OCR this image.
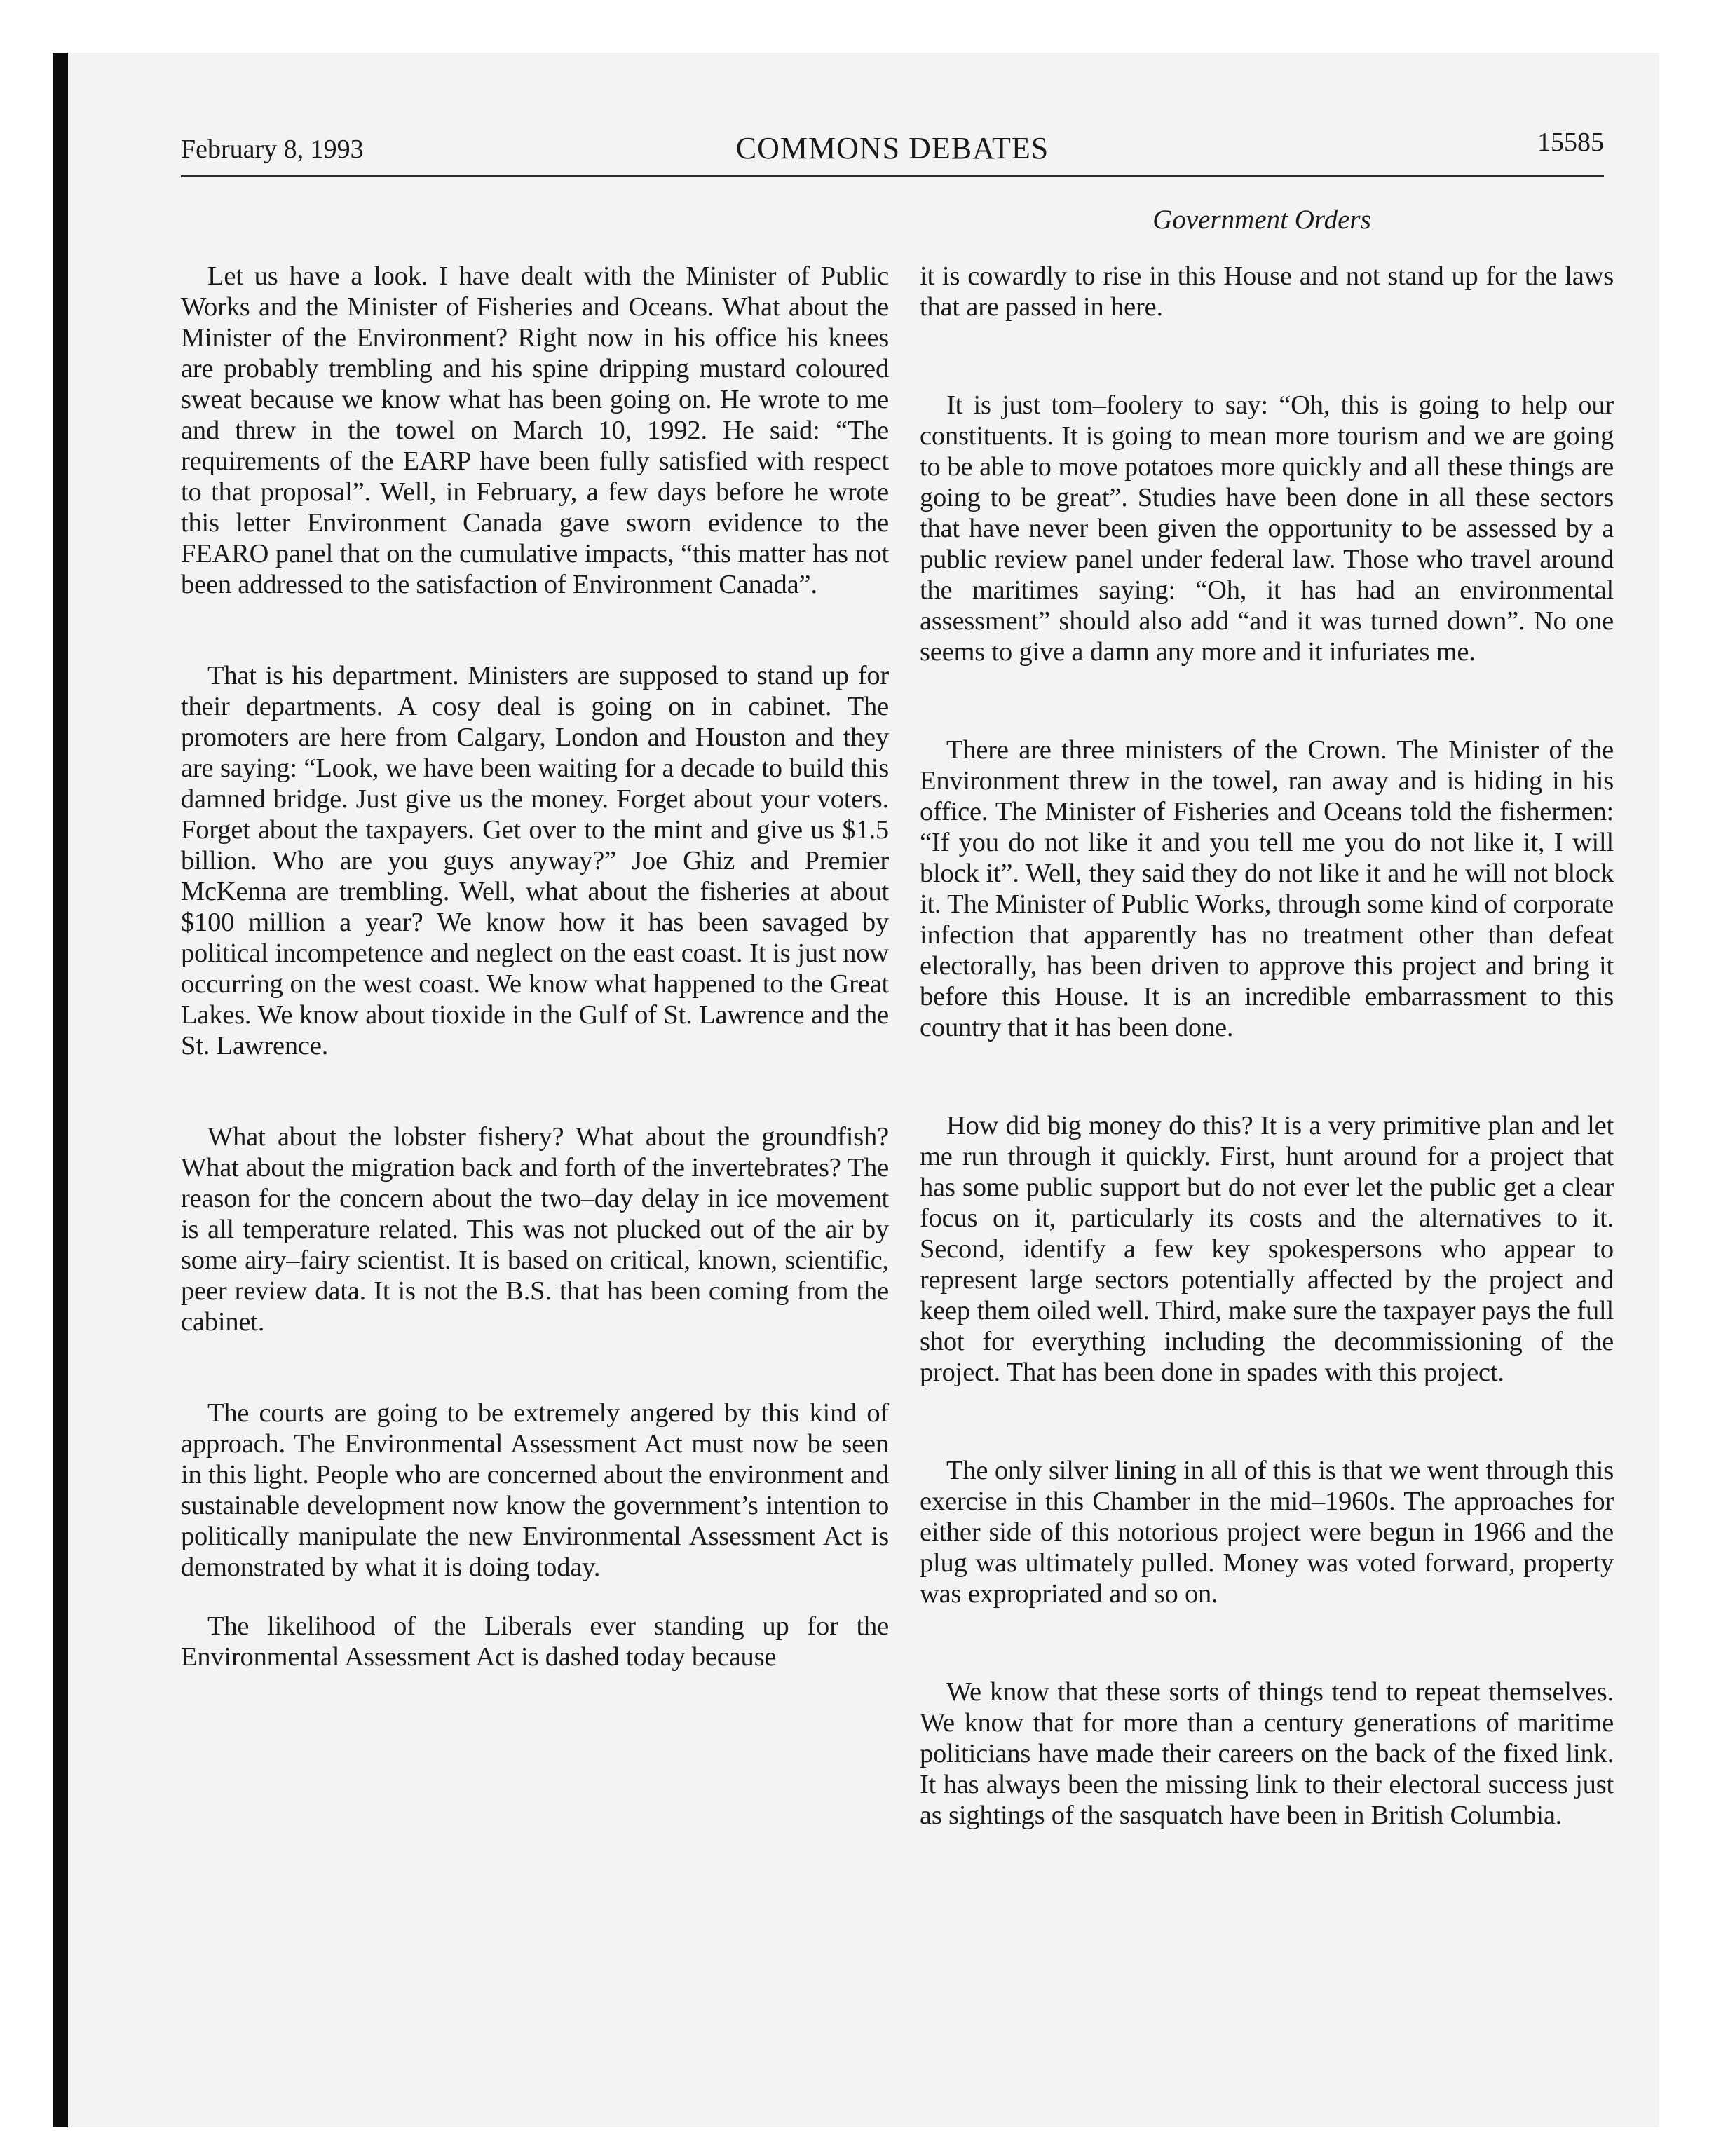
February 8, 1993	COMMONS DEBATES	15585
Government Orders

Let us have a look. I have dealt with the Minister of Public Works and the Minister of Fisheries and Oceans. What about the Minister of the Environment? Right now in his office his knees are probably trembling and his spine dripping mustard coloured sweat because we know what has been going on. He wrote to me and threw in the towel on March 10, 1992. He said: “The requirements of the EARP have been fully satisfied with respect to that proposal”. Well, in February, a few days before he wrote this letter Environment Canada gave sworn evidence to the FEARO panel that on the cumulative impacts, “this matter has not been addressed to the satisfaction of Environment Canada”.

That is his department. Ministers are supposed to stand up for their departments. A cosy deal is going on in cabinet. The promoters are here from Calgary, London and Houston and they are saying: “Look, we have been waiting for a decade to build this damned bridge. Just give us the money. Forget about your voters. Forget about the taxpayers. Get over to the mint and give us $1.5 billion. Who are you guys anyway?” Joe Ghiz and Premier McKenna are trembling. Well, what about the fisheries at about $100 million a year? We know how it has been savaged by political incompetence and neglect on the east coast. It is just now occurring on the west coast. We know what happened to the Great Lakes. We know about tioxide in the Gulf of St. Lawrence and the St. Lawrence.

What about the lobster fishery? What about the groundfish? What about the migration back and forth of the invertebrates? The reason for the concern about the two–day delay in ice movement is all temperature related. This was not plucked out of the air by some airy–fairy scientist. It is based on critical, known, scientific, peer review data. It is not the B.S. that has been coming from the cabinet.

The courts are going to be extremely angered by this kind of approach. The Environmental Assessment Act must now be seen in this light. People who are concerned about the environment and sustainable development now know the government’s intention to politically manipulate the new Environmental Assessment Act is demonstrated by what it is doing today.

The likelihood of the Liberals ever standing up for the Environmental Assessment Act is dashed today because

it is cowardly to rise in this House and not stand up for the laws that are passed in here.

It is just tom–foolery to say: “Oh, this is going to help our constituents. It is going to mean more tourism and we are going to be able to move potatoes more quickly and all these things are going to be great”. Studies have been done in all these sectors that have never been given the opportunity to be assessed by a public review panel under federal law. Those who travel around the maritimes saying: “Oh, it has had an environmental assessment” should also add “and it was turned down”. No one seems to give a damn any more and it infuriates me.

There are three ministers of the Crown. The Minister of the Environment threw in the towel, ran away and is hiding in his office. The Minister of Fisheries and Oceans told the fishermen: “If you do not like it and you tell me you do not like it, I will block it”. Well, they said they do not like it and he will not block it. The Minister of Public Works, through some kind of corporate infection that apparently has no treatment other than defeat electorally, has been driven to approve this project and bring it before this House. It is an incredible embarrassment to this country that it has been done.

How did big money do this? It is a very primitive plan and let me run through it quickly. First, hunt around for a project that has some public support but do not ever let the public get a clear focus on it, particularly its costs and the alternatives to it. Second, identify a few key spokespersons who appear to represent large sectors potentially affected by the project and keep them oiled well. Third, make sure the taxpayer pays the full shot for everything including the decommissioning of the project. That has been done in spades with this project.

The only silver lining in all of this is that we went through this exercise in this Chamber in the mid–1960s. The approaches for either side of this notorious project were begun in 1966 and the plug was ultimately pulled. Money was voted forward, property was expropriated and so on.

We know that these sorts of things tend to repeat themselves. We know that for more than a century generations of maritime politicians have made their careers on the back of the fixed link. It has always been the missing link to their electoral success just as sightings of the sasquatch have been in British Columbia.
